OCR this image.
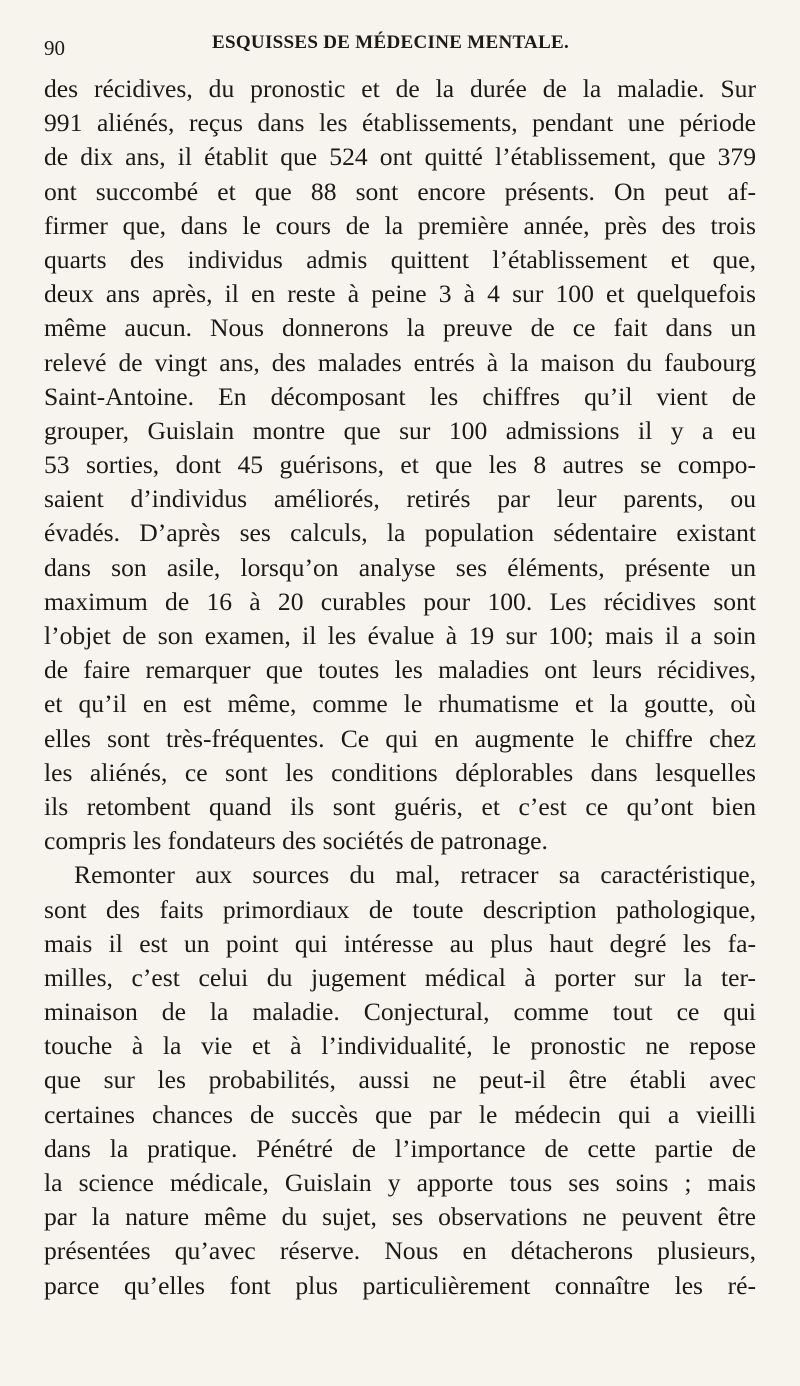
90	ESQUISSES DE MÉDECINE MENTALE.
des récidives, du pronostic et de la durée de la maladie. Sur
991 aliénés, reçus dans les établissements, pendant une période
de dix ans, il établit que 524 ont quitté l’établissement, que 379
ont succombé et que 88 sont encore présents. On peut af-
firmer que, dans le cours de la première année, près des trois
quarts des individus admis quittent l’établissement et que,
deux ans après, il en reste à peine 3 à 4 sur 100 et quelquefois
même aucun. Nous donnerons la preuve de ce fait dans un
relevé de vingt ans, des malades entrés à la maison du faubourg
Saint-Antoine. En décomposant les chiffres qu’il vient de
grouper, Guislain montre que sur 100 admissions il y a eu
53 sorties, dont 45 guérisons, et que les 8 autres se compo-
saient d’individus améliorés, retirés par leur parents, ou
évadés. D’après ses calculs, la population sédentaire existant
dans son asile, lorsqu’on analyse ses éléments, présente un
maximum de 16 à 20 curables pour 100. Les récidives sont
l’objet de son examen, il les évalue à 19 sur 100; mais il a soin
de faire remarquer que toutes les maladies ont leurs récidives,
et qu’il en est même, comme le rhumatisme et la goutte, où
elles sont très-fréquentes. Ce qui en augmente le chiffre chez
les aliénés, ce sont les conditions déplorables dans lesquelles
ils retombent quand ils sont guéris, et c’est ce qu’ont bien
compris les fondateurs des sociétés de patronage.
Remonter aux sources du mal, retracer sa caractéristique,
sont des faits primordiaux de toute description pathologique,
mais il est un point qui intéresse au plus haut degré les fa-
milles, c’est celui du jugement médical à porter sur la ter-
minaison de la maladie. Conjectural, comme tout ce qui
touche à la vie et à l’individualité, le pronostic ne repose
que sur les probabilités, aussi ne peut-il être établi avec
certaines chances de succès que par le médecin qui a vieilli
dans la pratique. Pénétré de l’importance de cette partie de
la science médicale, Guislain y apporte tous ses soins ; mais
par la nature même du sujet, ses observations ne peuvent être
présentées qu’avec réserve. Nous en détacherons plusieurs,
parce qu’elles font plus particulièrement connaître les ré-
